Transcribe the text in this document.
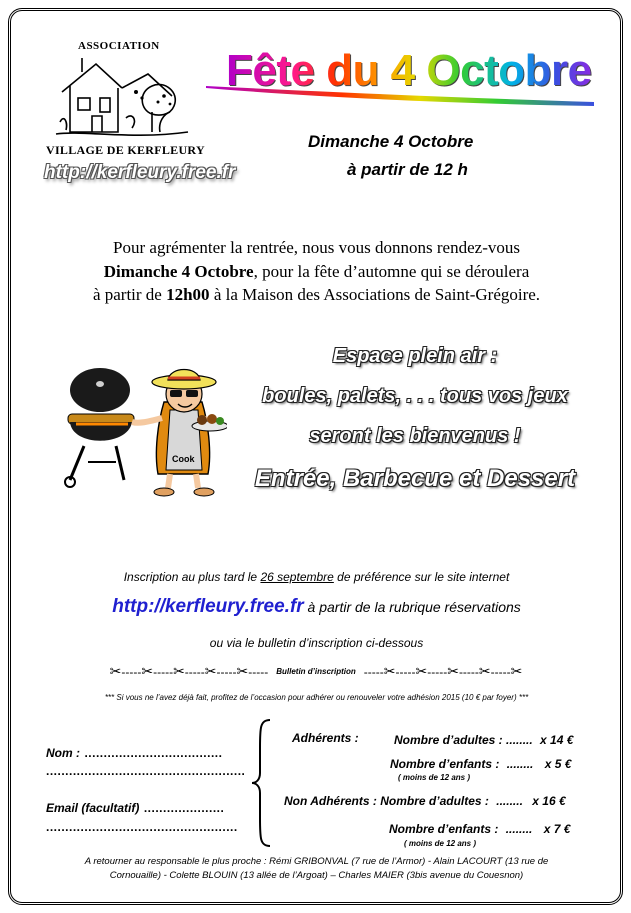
ASSOCIATION
VILLAGE DE KERFLEURY
http://kerfleury.free.fr
Fête du 4 Octobre
Dimanche 4 Octobre
à partir de 12 h
Pour agrémenter la rentrée, nous vous donnons rendez-vous
Dimanche 4 Octobre, pour la fête d’automne qui se déroulera
à partir de 12h00 à la Maison des Associations de Saint-Grégoire.
Cook
Espace plein air :
boules, palets, . . . tous vos jeux
seront les bienvenus !
Entrée, Barbecue et Dessert
Inscription au plus tard le 26 septembre de préférence sur le site internet
http://kerfleury.free.fr à partir de la rubrique réservations
ou via le bulletin d’inscription ci-dessous
✂ ----- ✂ ----- ✂ ----- ✂ ----- ✂ ----- Bulletin d’inscription ----- ✂ ----- ✂ ----- ✂ ----- ✂ ----- ✂
*** Si vous ne l’avez déjà fait, profitez de l’occasion pour adhérer ou renouveler votre adhésion 2015 (10 € par foyer) ***
Nom : ....................................
....................................................
Email (facultatif) .....................
..................................................
Adhérents :	Nombre d’adultes : ........ x 14 €
Nombre d’enfants : ........ x 5 €
( moins de 12 ans )
Non Adhérents : Nombre d’adultes : ........ x 16 €
Nombre d’enfants : ........ x 7 €
( moins de 12 ans )
A retourner au responsable le plus proche : Rémi GRIBONVAL (7 rue de l’Armor) - Alain LACOURT (13 rue de
Cornouaille) - Colette BLOUIN (13 allée de l’Argoat) – Charles MAIER (3bis avenue du Couesnon)
